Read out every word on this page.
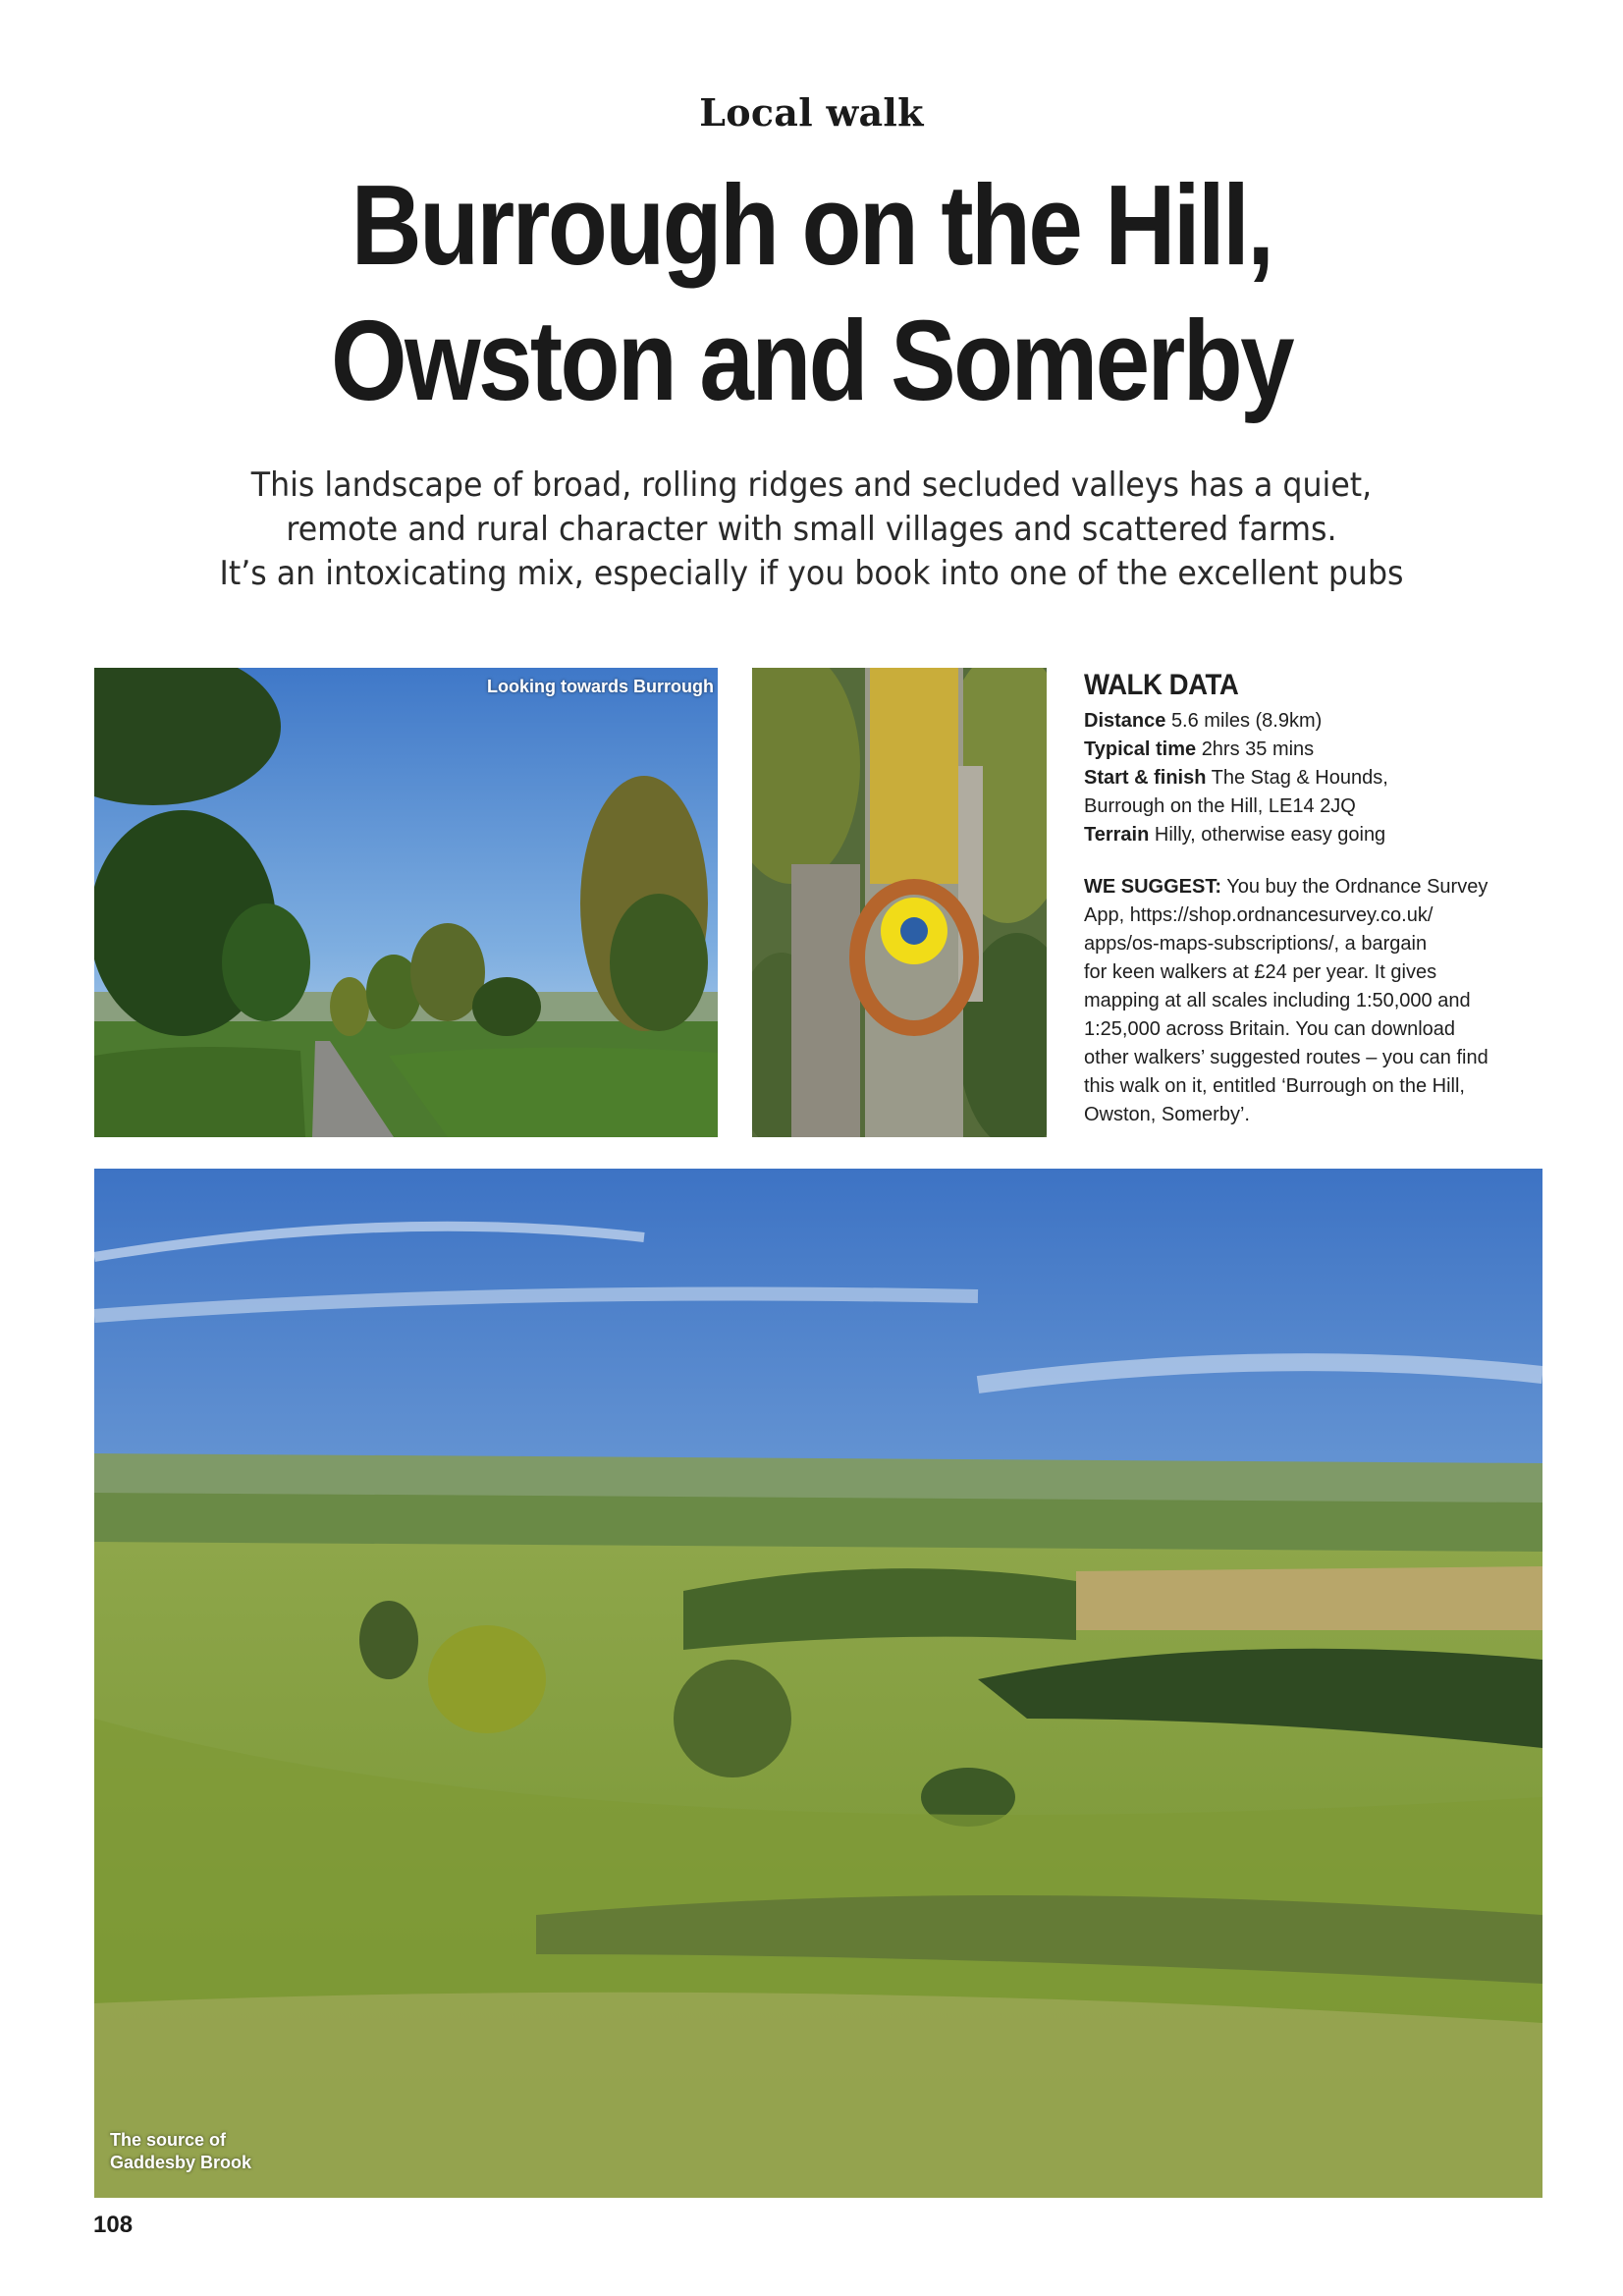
Local walk
Burrough on the Hill,
Owston and Somerby
This landscape of broad, rolling ridges and secluded valleys has a quiet,
remote and rural character with small villages and scattered farms.
It’s an intoxicating mix, especially if you book into one of the excellent pubs
Looking towards Burrough	WALK DATA

Distance 5.6 miles (8.9km)

Typical time 2hrs 35 mins

Start & finish The Stag & Hounds,

Burrough on the Hill, LE14 2JQ

Terrain Hilly, otherwise easy going

WE SUGGEST: You buy the Ordnance Survey

App, https://shop.ordnancesurvey.co.uk/

apps/os-maps-subscriptions/, a bargain

for keen walkers at £24 per year. It gives

mapping at all scales including 1:50,000 and

1:25,000 across Britain. You can download

other walkers’ suggested routes – you can find

this walk on it, entitled ‘Burrough on the Hill,

Owston, Somerby’.

The source of
Gaddesby Brook
108
